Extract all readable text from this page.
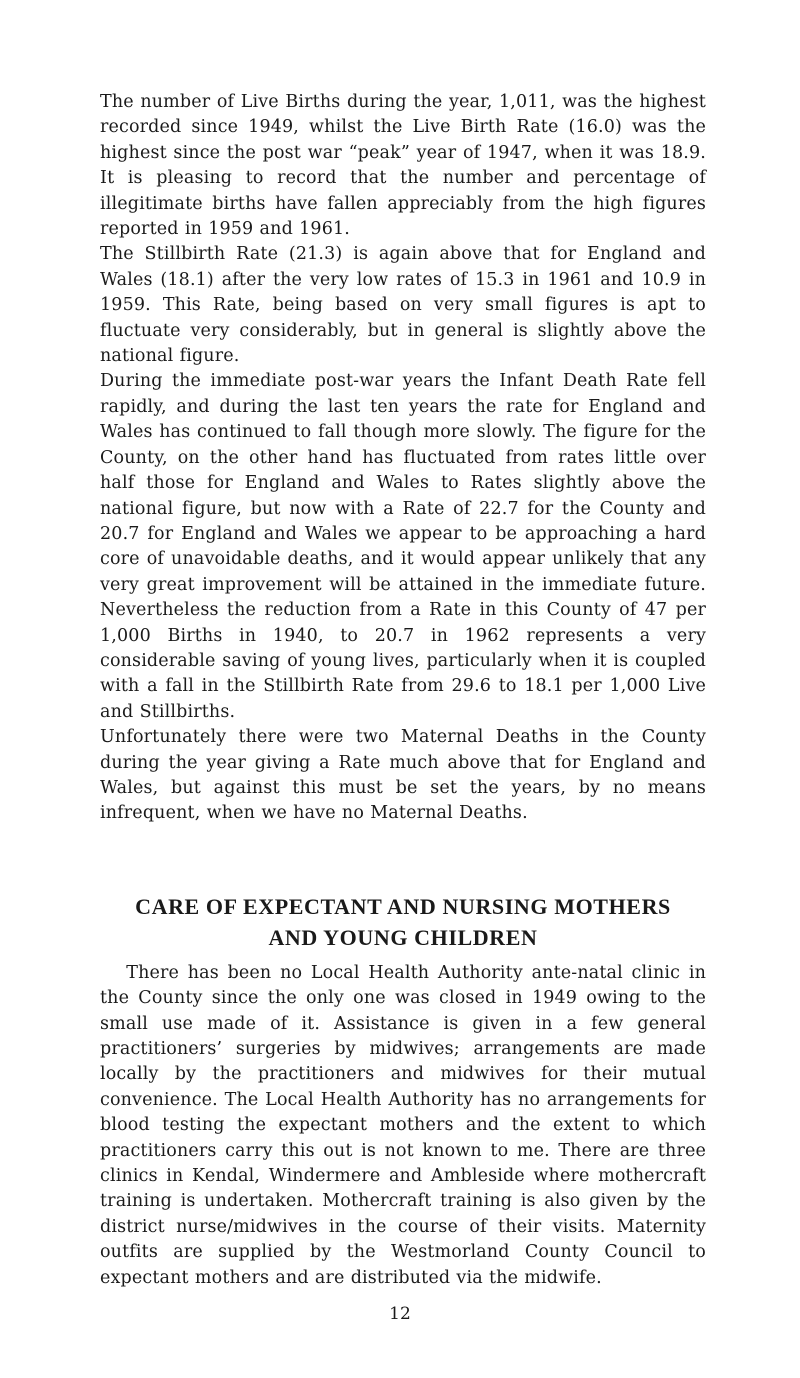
The number of Live Births during the year, 1,011, was the highest recorded since 1949, whilst the Live Birth Rate (16.0) was the highest since the post war “peak” year of 1947, when it was 18.9. It is pleasing to record that the number and percentage of illegitimate births have fallen appreciably from the high figures reported in 1959 and 1961.

The Stillbirth Rate (21.3) is again above that for England and Wales (18.1) after the very low rates of 15.3 in 1961 and 10.9 in 1959. This Rate, being based on very small figures is apt to fluctuate very considerably, but in general is slightly above the national figure.

During the immediate post-war years the Infant Death Rate fell rapidly, and during the last ten years the rate for England and Wales has continued to fall though more slowly. The figure for the County, on the other hand has fluctuated from rates little over half those for England and Wales to Rates slightly above the national figure, but now with a Rate of 22.7 for the County and 20.7 for England and Wales we appear to be approaching a hard core of unavoidable deaths, and it would appear unlikely that any very great improvement will be attained in the immediate future. Nevertheless the reduction from a Rate in this County of 47 per 1,000 Births in 1940, to 20.7 in 1962 represents a very considerable saving of young lives, particularly when it is coupled with a fall in the Stillbirth Rate from 29.6 to 18.1 per 1,000 Live and Stillbirths.

Unfortunately there were two Maternal Deaths in the County during the year giving a Rate much above that for England and Wales, but against this must be set the years, by no means infrequent, when we have no Maternal Deaths.

CARE OF EXPECTANT AND NURSING MOTHERS
AND YOUNG CHILDREN

There has been no Local Health Authority ante-natal clinic in the County since the only one was closed in 1949 owing to the small use made of it. Assistance is given in a few general practitioners’ surgeries by midwives; arrangements are made locally by the practitioners and midwives for their mutual convenience. The Local Health Authority has no arrangements for blood testing the expectant mothers and the extent to which practitioners carry this out is not known to me. There are three clinics in Kendal, Windermere and Ambleside where mothercraft training is undertaken. Mothercraft training is also given by the district nurse/midwives in the course of their visits. Maternity outfits are supplied by the Westmorland County Council to expectant mothers and are distributed via the midwife.

12
